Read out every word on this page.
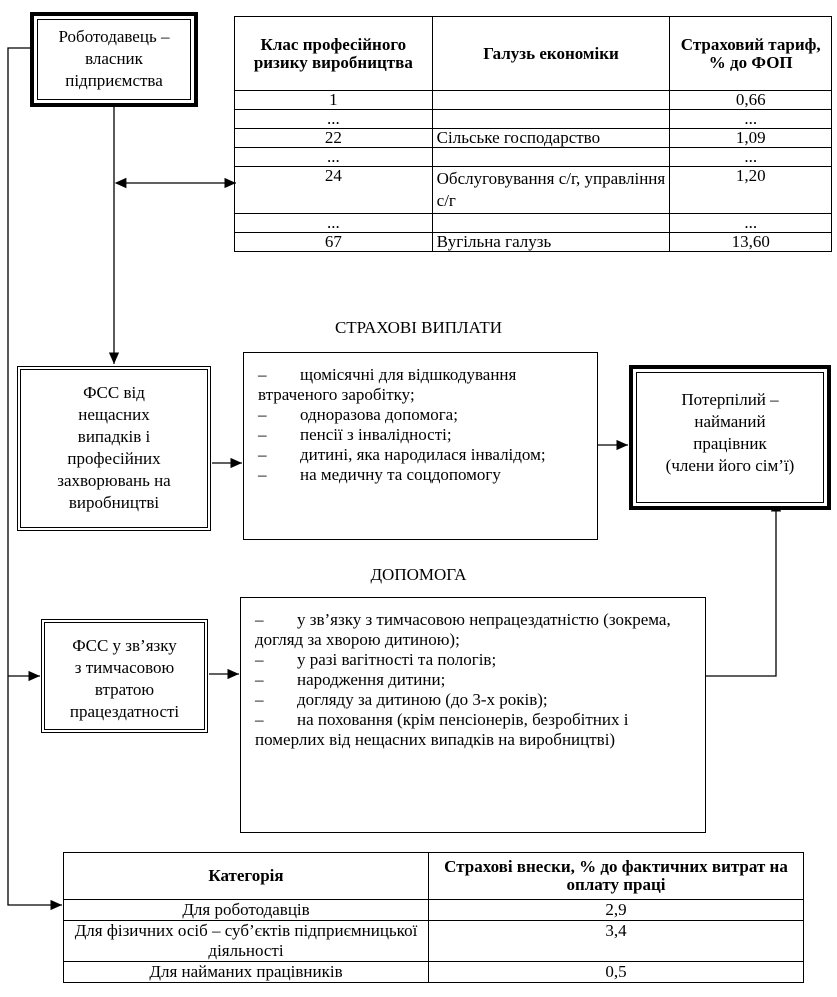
Роботодавець –
власник
підприємства
Клас професійного ризику виробництва	Галузь економіки	Страховий тариф, % до ФОП
1		0,66
...		...
22	Сільське господарство	1,09
...		...
24	Обслуговування с/г, управління с/г	1,20
...		...
67	Вугільна галузь	13,60
СТРАХОВІ ВИПЛАТИ
ФСС від
нещасних
випадків і
професійних
захворювань на
виробництві
– щомісячні для відшкодування втраченого заробітку;
– одноразова допомога;
– пенсії з інвалідності;
– дитині, яка народилася інвалідом;
– на медичну та соцдопомогу
Потерпілий –
найманий
працівник
(члени його сім’ї)
ДОПОМОГА
ФСС у зв’язку
з тимчасовою
втратою
працездатності
– у зв’язку з тимчасовою непрацездатністю (зокрема, догляд за хворою дитиною);
– у разі вагітності та пологів;
– народження дитини;
– догляду за дитиною (до 3-х років);
– на поховання (крім пенсіонерів, безробітних і померлих від нещасних випадків на виробництві)
Категорія	Страхові внески, % до фактичних витрат на оплату праці
Для роботодавців	2,9
Для фізичних осіб – суб’єктів підприємницької діяльності	3,4
Для найманих працівників	0,5
